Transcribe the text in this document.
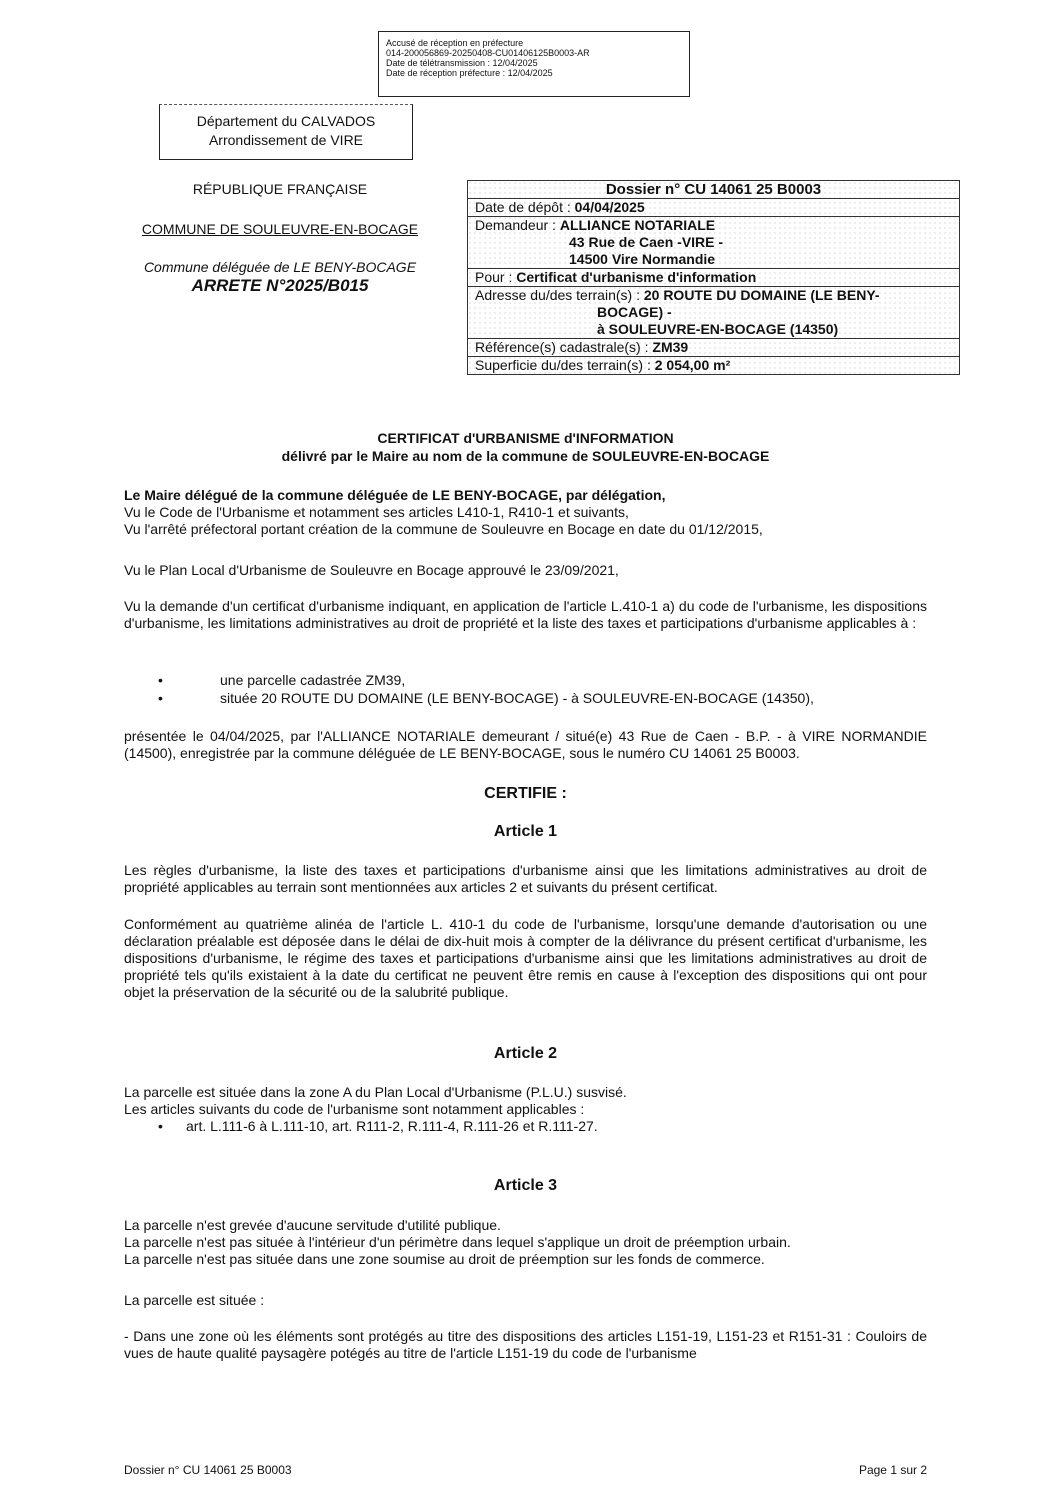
Accusé de réception en préfecture
014-200056869-20250408-CU01406125B0003-AR
Date de télétransmission : 12/04/2025
Date de réception préfecture : 12/04/2025
Département du CALVADOS
Arrondissement de VIRE
RÉPUBLIQUE FRANÇAISE
COMMUNE DE SOULEUVRE-EN-BOCAGE
Commune déléguée de LE BENY-BOCAGE
ARRETE N°2025/B015
Dossier n° CU 14061 25 B0003
Date de dépôt : 04/04/2025
Demandeur : ALLIANCE NOTARIALE
43 Rue de Caen -VIRE -
14500 Vire Normandie

Pour : Certificat d'urbanisme d'information
Adresse du/des terrain(s) : 20 ROUTE DU DOMAINE (LE BENY-
BOCAGE) -
à SOULEUVRE-EN-BOCAGE (14350)

Référence(s) cadastrale(s) : ZM39
Superficie du/des terrain(s) : 2 054,00 m²
CERTIFICAT d'URBANISME d'INFORMATION
délivré par le Maire au nom de la commune de SOULEUVRE-EN-BOCAGE

Le Maire délégué de la commune déléguée de LE BENY-BOCAGE, par délégation,

Vu le Code de l'Urbanisme et notamment ses articles L410-1, R410-1 et suivants,

Vu l'arrêté préfectoral portant création de la commune de Souleuvre en Bocage en date du 01/12/2015,

Vu le Plan Local d'Urbanisme de Souleuvre en Bocage approuvé le 23/09/2021,
Vu la demande d'un certificat d'urbanisme indiquant, en application de l'article L.410-1 a) du code de l'urbanisme, les dispositions d'urbanisme, les limitations administratives au droit de propriété et la liste des taxes et participations d'urbanisme applicables à :
•	une parcelle cadastrée ZM39,
•	située 20 ROUTE DU DOMAINE (LE BENY-BOCAGE) - à SOULEUVRE-EN-BOCAGE (14350),
présentée le 04/04/2025, par l'ALLIANCE NOTARIALE demeurant / situé(e) 43 Rue de Caen - B.P. - à VIRE NORMANDIE (14500), enregistrée par la commune déléguée de LE BENY-BOCAGE, sous le numéro CU 14061 25 B0003.
CERTIFIE :
Article 1
Les règles d'urbanisme, la liste des taxes et participations d'urbanisme ainsi que les limitations administratives au droit de propriété applicables au terrain sont mentionnées aux articles 2 et suivants du présent certificat.
Conformément au quatrième alinéa de l'article L. 410-1 du code de l'urbanisme, lorsqu'une demande d'autorisation ou une déclaration préalable est déposée dans le délai de dix-huit mois à compter de la délivrance du présent certificat d'urbanisme, les dispositions d'urbanisme, le régime des taxes et participations d'urbanisme ainsi que les limitations administratives au droit de propriété tels qu'ils existaient à la date du certificat ne peuvent être remis en cause à l'exception des dispositions qui ont pour objet la préservation de la sécurité ou de la salubrité publique.
Article 2

La parcelle est située dans la zone A du Plan Local d'Urbanisme (P.L.U.) susvisé.

Les articles suivants du code de l'urbanisme sont notamment applicables :

• art. L.111-6 à L.111-10, art. R111-2, R.111-4, R.111-26 et R.111-27.
Article 3

La parcelle n'est grevée d'aucune servitude d'utilité publique.

La parcelle n'est pas située à l'intérieur d'un périmètre dans lequel s'applique un droit de préemption urbain.

La parcelle n'est pas située dans une zone soumise au droit de préemption sur les fonds de commerce.

La parcelle est située :
- Dans une zone où les éléments sont protégés au titre des dispositions des articles L151-19, L151-23 et R151-31 : Couloirs de vues de haute qualité paysagère potégés au titre de l'article L151-19 du code de l'urbanisme
Dossier n° CU 14061 25 B0003	Page 1 sur 2
